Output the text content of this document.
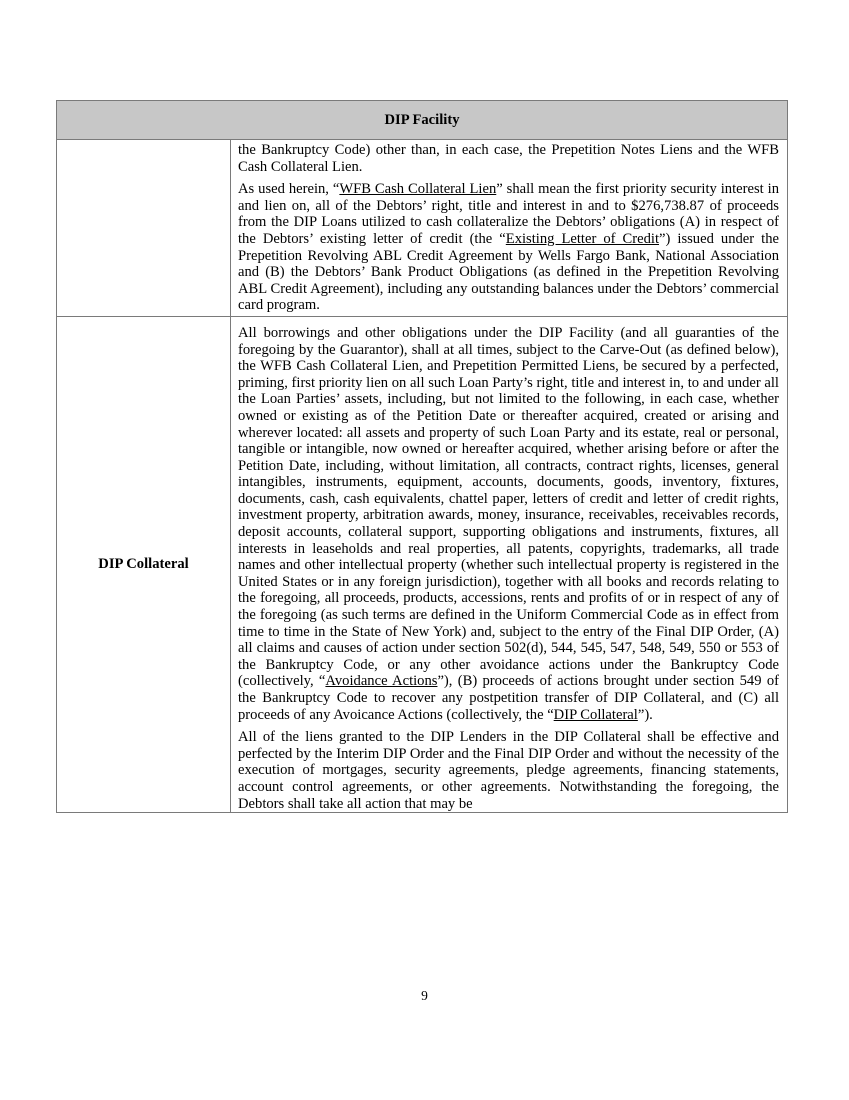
DIP Facility	

	the Bankruptcy Code) other than, in each case, the Prepetition Notes Liens and the WFB Cash Collateral Lien.

As used herein, “WFB Cash Collateral Lien” shall mean the first priority security interest in and lien on, all of the Debtors’ right, title and interest in and to $276,738.87 of proceeds from the DIP Loans utilized to cash collateralize the Debtors’ obligations (A) in respect of the Debtors’ existing letter of credit (the “Existing Letter of Credit”) issued under the Prepetition Revolving ABL Credit Agreement by Wells Fargo Bank, National Association and (B) the Debtors’ Bank Product Obligations (as defined in the Prepetition Revolving ABL Credit Agreement), including any outstanding balances under the Debtors’ commercial card program.

DIP Collateral	All borrowings and other obligations under the DIP Facility (and all guaranties of the foregoing by the Guarantor), shall at all times, subject to the Carve-Out (as defined below), the WFB Cash Collateral Lien, and Prepetition Permitted Liens, be secured by a perfected, priming, first priority lien on all such Loan Party’s right, title and interest in, to and under all the Loan Parties’ assets, including, but not limited to the following, in each case, whether owned or existing as of the Petition Date or thereafter acquired, created or arising and wherever located: all assets and property of such Loan Party and its estate, real or personal, tangible or intangible, now owned or hereafter acquired, whether arising before or after the Petition Date, including, without limitation, all contracts, contract rights, licenses, general intangibles, instruments, equipment, accounts, documents, goods, inventory, fixtures, documents, cash, cash equivalents, chattel paper, letters of credit and letter of credit rights, investment property, arbitration awards, money, insurance, receivables, receivables records, deposit accounts, collateral support, supporting obligations and instruments, fixtures, all interests in leaseholds and real properties, all patents, copyrights, trademarks, all trade names and other intellectual property (whether such intellectual property is registered in the United States or in any foreign jurisdiction), together with all books and records relating to the foregoing, all proceeds, products, accessions, rents and profits of or in respect of any of the foregoing (as such terms are defined in the Uniform Commercial Code as in effect from time to time in the State of New York) and, subject to the entry of the Final DIP Order, (A) all claims and causes of action under section 502(d), 544, 545, 547, 548, 549, 550 or 553 of the Bankruptcy Code, or any other avoidance actions under the Bankruptcy Code (collectively, “Avoidance Actions”), (B) proceeds of actions brought under section 549 of the Bankruptcy Code to recover any postpetition transfer of DIP Collateral, and (C) all proceeds of any Avoicance Actions (collectively, the “DIP Collateral”).

All of the liens granted to the DIP Lenders in the DIP Collateral shall be effective and perfected by the Interim DIP Order and the Final DIP Order and without the necessity of the execution of mortgages, security agreements, pledge agreements, financing statements, account control agreements, or other agreements. Notwithstanding the foregoing, the Debtors shall take all action that may be

9
